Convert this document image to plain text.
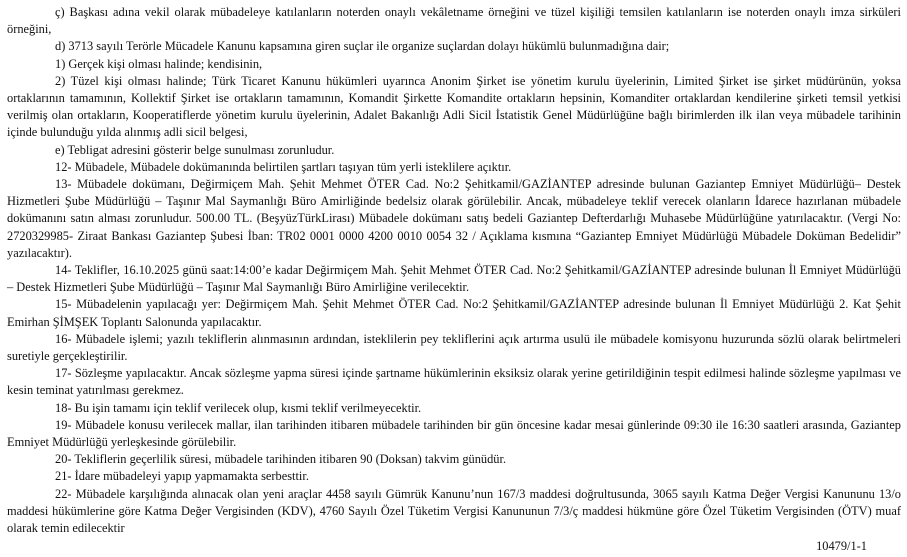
ç) Başkası adına vekil olarak mübadeleye katılanların noterden onaylı vekâletname örneğini ve tüzel kişiliği temsilen katılanların ise noterden onaylı imza sirküleri örneğini,

d) 3713 sayılı Terörle Mücadele Kanunu kapsamına giren suçlar ile organize suçlardan dolayı hükümlü bulunmadığına dair;

1) Gerçek kişi olması halinde; kendisinin,

2) Tüzel kişi olması halinde; Türk Ticaret Kanunu hükümleri uyarınca Anonim Şirket ise yönetim kurulu üyelerinin, Limited Şirket ise şirket müdürünün, yoksa ortaklarının tamamının, Kollektif Şirket ise ortakların tamamının, Komandit Şirkette Komandite ortakların hepsinin, Komanditer ortaklardan kendilerine şirketi temsil yetkisi verilmiş olan ortakların, Kooperatiflerde yönetim kurulu üyelerinin, Adalet Bakanlığı Adli Sicil İstatistik Genel Müdürlüğüne bağlı birimlerden ilk ilan veya mübadele tarihinin içinde bulunduğu yılda alınmış adli sicil belgesi,

e) Tebligat adresini gösterir belge sunulması zorunludur.

12- Mübadele, Mübadele dokümanında belirtilen şartları taşıyan tüm yerli isteklilere açıktır.

13- Mübadele dokümanı, Değirmiçem Mah. Şehit Mehmet ÖTER Cad. No:2 Şehitkamil/GAZİANTEP adresinde bulunan Gaziantep Emniyet Müdürlüğü– Destek Hizmetleri Şube Müdürlüğü – Taşınır Mal Saymanlığı Büro Amirliğinde bedelsiz olarak görülebilir. Ancak, mübadeleye teklif verecek olanların İdarece hazırlanan mübadele dokümanını satın alması zorunludur. 500.00 TL. (BeşyüzTürkLirası) Mübadele dokümanı satış bedeli Gaziantep Defterdarlığı Muhasebe Müdürlüğüne yatırılacaktır. (Vergi No: 2720329985- Ziraat Bankası Gaziantep Şubesi İban: TR02 0001 0000 4200 0010 0054 32 / Açıklama kısmına “Gaziantep Emniyet Müdürlüğü Mübadele Doküman Bedelidir” yazılacaktır).

14- Teklifler, 16.10.2025 günü saat:14:00’e kadar Değirmiçem Mah. Şehit Mehmet ÖTER Cad. No:2 Şehitkamil/GAZİANTEP adresinde bulunan İl Emniyet Müdürlüğü – Destek Hizmetleri Şube Müdürlüğü – Taşınır Mal Saymanlığı Büro Amirliğine verilecektir.

15- Mübadelenin yapılacağı yer: Değirmiçem Mah. Şehit Mehmet ÖTER Cad. No:2 Şehitkamil/GAZİANTEP adresinde bulunan İl Emniyet Müdürlüğü 2. Kat Şehit Emirhan ŞİMŞEK Toplantı Salonunda yapılacaktır.

16- Mübadele işlemi; yazılı tekliflerin alınmasının ardından, isteklilerin pey tekliflerini açık artırma usulü ile mübadele komisyonu huzurunda sözlü olarak belirtmeleri suretiyle gerçekleştirilir.

17- Sözleşme yapılacaktır. Ancak sözleşme yapma süresi içinde şartname hükümlerinin eksiksiz olarak yerine getirildiğinin tespit edilmesi halinde sözleşme yapılması ve kesin teminat yatırılması gerekmez.

18- Bu işin tamamı için teklif verilecek olup, kısmi teklif verilmeyecektir.

19- Mübadele konusu verilecek mallar, ilan tarihinden itibaren mübadele tarihinden bir gün öncesine kadar mesai günlerinde 09:30 ile 16:30 saatleri arasında, Gaziantep Emniyet Müdürlüğü yerleşkesinde görülebilir.

20- Tekliflerin geçerlilik süresi, mübadele tarihinden itibaren 90 (Doksan) takvim günüdür.

21- İdare mübadeleyi yapıp yapmamakta serbesttir.

22- Mübadele karşılığında alınacak olan yeni araçlar 4458 sayılı Gümrük Kanunu’nun 167/3 maddesi doğrultusunda, 3065 sayılı Katma Değer Vergisi Kanununu 13/o maddesi hükümlerine göre Katma Değer Vergisinden (KDV), 4760 Sayılı Özel Tüketim Vergisi Kanununun 7/3/ç maddesi hükmüne göre Özel Tüketim Vergisinden (ÖTV) muaf olarak temin edilecektir

10479/1-1
